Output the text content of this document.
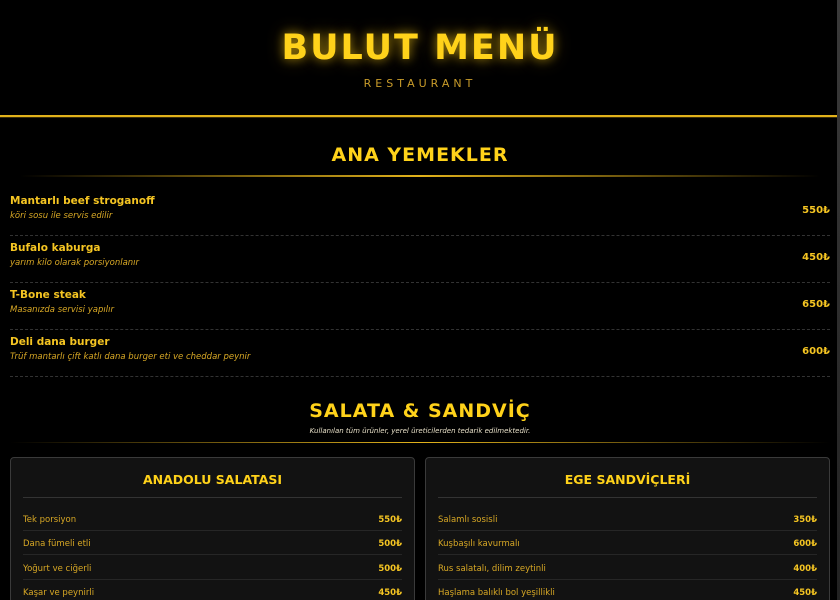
BULUT MENÜ
RESTAURANT
ANA YEMEKLER
Mantarlı beef stroganoff
köri sosu ile servis edilir	550₺
Bufalo kaburga
yarım kilo olarak porsiyonlanır	450₺
T-Bone steak
Masanızda servisi yapılır	650₺
Deli dana burger
Trüf mantarlı çift katlı dana burger eti ve cheddar peynir	600₺
SALATA & SANDVİÇ
Kullanılan tüm ürünler, yerel üreticilerden tedarik edilmektedir.
ANADOLU SALATASI
Tek porsiyon	550₺
Dana fümeli etli	500₺
Yoğurt ve ciğerli	500₺
Kaşar ve peynirli	450₺
EGE SANDVİÇLERİ
Salamlı sosisli	350₺
Kuşbaşılı kavurmalı	600₺
Rus salatalı, dilim zeytinli	400₺
Haşlama balıklı bol yeşillikli	450₺
